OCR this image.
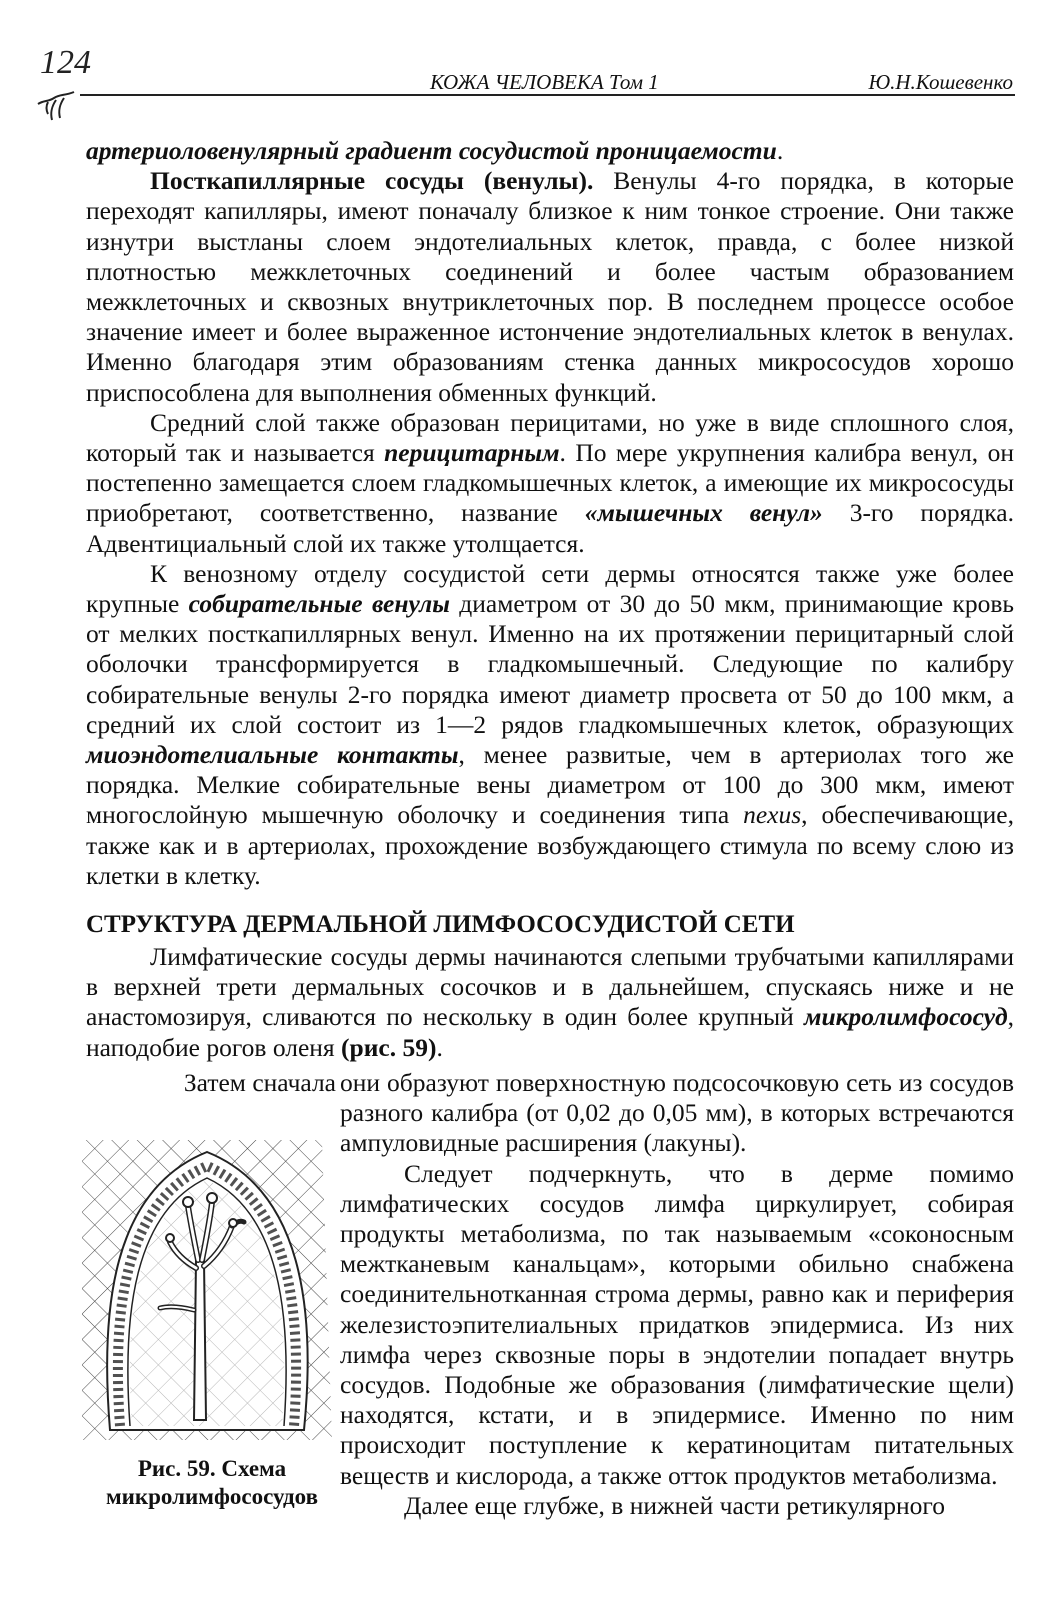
124
КОЖА ЧЕЛОВЕКА Том 1	Ю.Н.Кошевенко

артериоловенулярный градиент сосудистой проницаемости.

Посткапиллярные сосуды (венулы). Венулы 4-го порядка, в которые переходят капилляры, имеют поначалу близкое к ним тонкое строение. Они также изнутри выстланы слоем эндотелиальных клеток, правда, с более низкой плотностью межклеточных соединений и более частым образованием межклеточных и сквозных внутриклеточных пор. В последнем процессе особое значение имеет и более выраженное истончение эндотелиальных клеток в венулах. Именно благодаря этим образованиям стенка данных микрососудов хорошо приспособлена для выполнения обменных функций.

Средний слой также образован перицитами, но уже в виде сплошного слоя, который так и называется перицитарным. По мере укрупнения калибра венул, он постепенно замещается слоем гладкомышечных клеток, а имеющие их микрососуды приобретают, соответственно, название «мышечных венул» 3-го порядка. Адвентициальный слой их также утолщается.

К венозному отделу сосудистой сети дермы относятся также уже более крупные собирательные венулы диаметром от 30 до 50 мкм, принимающие кровь от мелких посткапиллярных венул. Именно на их протяжении перицитарный слой оболочки трансформируется в гладкомышечный. Следующие по калибру собирательные венулы 2-го порядка имеют диаметр просвета от 50 до 100 мкм, а средний их слой состоит из 1—2 рядов гладкомышечных клеток, образующих миоэндотелиальные контакты, менее развитые, чем в артериолах того же порядка. Мелкие собирательные вены диаметром от 100 до 300 мкм, имеют многослойную мышечную оболочку и соединения типа nexus, обеспечивающие, также как и в артериолах, прохождение возбуждающего стимула по всему слою из клетки в клетку.

СТРУКТУРА ДЕРМАЛЬНОЙ ЛИМФОСОСУДИСТОЙ СЕТИ

Лимфатические сосуды дермы начинаются слепыми трубчатыми капиллярами в верхней трети дермальных сосочков и в дальнейшем, спускаясь ниже и не анастомозируя, сливаются по нескольку в один более крупный микролимфососуд, наподобие рогов оленя (рис. 59).

Затем сначала они образуют поверхностную подсосочковую сеть из сосудов разного калибра (от 0,02 до 0,05 мм), в которых встречаются ампуловидные расширения (лакуны).

Следует подчеркнуть, что в дерме помимо лимфатических сосудов лимфа циркулирует, собирая продукты метаболизма, по так называемым «соконосным межтканевым канальцам», которыми обильно снабжена соединительнотканная строма дермы, равно как и периферия железистоэпителиальных придатков эпидермиса. Из них лимфа через сквозные поры в эндотелии попадает внутрь сосудов. Подобные же образования (лимфатические щели) находятся, кстати, и в эпидермисе. Именно по ним происходит поступление к кератиноцитам питательных веществ и кислорода, а также отток продуктов метаболизма.

Далее еще глубже, в нижней части ретикулярного

Рис. 59. Схема
микролимфососудов
